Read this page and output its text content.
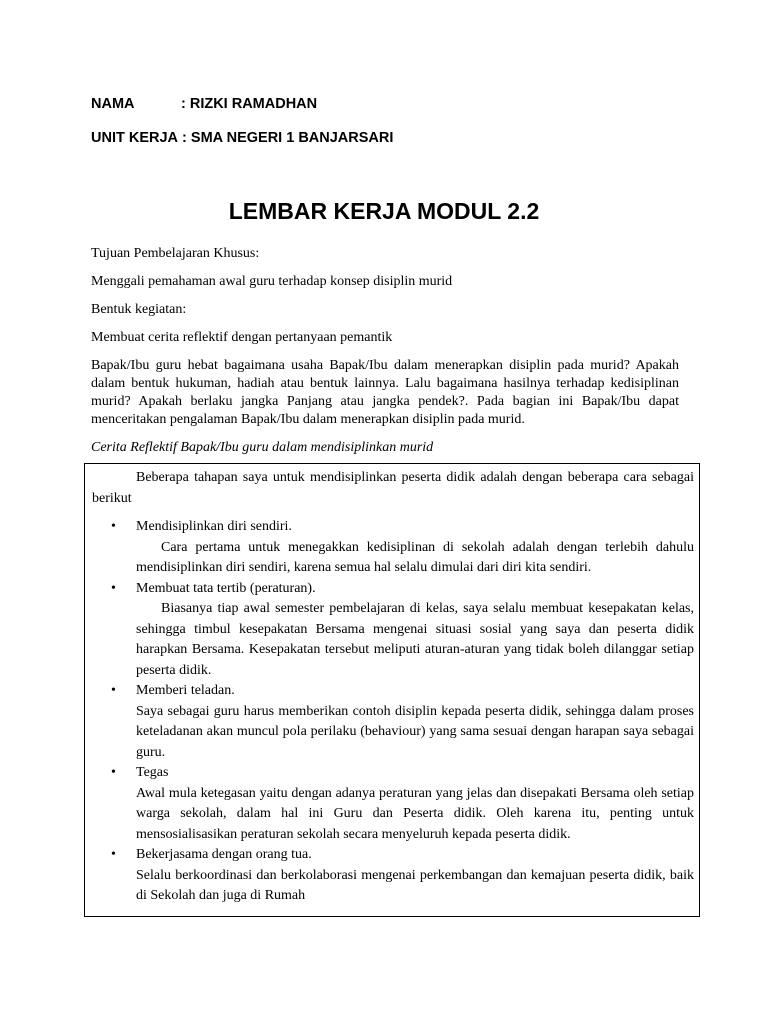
NAMA	: RIZKI RAMADHAN
UNIT KERJA : SMA NEGERI 1 BANJARSARI
LEMBAR KERJA MODUL 2.2
Tujuan Pembelajaran Khusus:
Menggali pemahaman awal guru terhadap konsep disiplin murid
Bentuk kegiatan:
Membuat cerita reflektif dengan pertanyaan pemantik
Bapak/Ibu guru hebat bagaimana usaha Bapak/Ibu dalam menerapkan disiplin pada murid? Apakah dalam bentuk hukuman, hadiah atau bentuk lainnya. Lalu bagaimana hasilnya terhadap kedisiplinan murid? Apakah berlaku jangka Panjang atau jangka pendek?. Pada bagian ini Bapak/Ibu dapat menceritakan pengalaman Bapak/Ibu dalam menerapkan disiplin pada murid.
Cerita Reflektif Bapak/Ibu guru dalam mendisiplinkan murid

Beberapa tahapan saya untuk mendisiplinkan peserta didik adalah dengan beberapa cara sebagai berikut

• Mendisiplinkan diri sendiri.
Cara pertama untuk menegakkan kedisiplinan di sekolah adalah dengan terlebih dahulu mendisiplinkan diri sendiri, karena semua hal selalu dimulai dari diri kita sendiri.
• Membuat tata tertib (peraturan).
Biasanya tiap awal semester pembelajaran di kelas, saya selalu membuat kesepakatan kelas, sehingga timbul kesepakatan Bersama mengenai situasi sosial yang saya dan peserta didik harapkan Bersama. Kesepakatan tersebut meliputi aturan-aturan yang tidak boleh dilanggar setiap peserta didik.
• Memberi teladan.
Saya sebagai guru harus memberikan contoh disiplin kepada peserta didik, sehingga dalam proses keteladanan akan muncul pola perilaku (behaviour) yang sama sesuai dengan harapan saya sebagai guru.
• Tegas
Awal mula ketegasan yaitu dengan adanya peraturan yang jelas dan disepakati Bersama oleh setiap warga sekolah, dalam hal ini Guru dan Peserta didik. Oleh karena itu, penting untuk mensosialisasikan peraturan sekolah secara menyeluruh kepada peserta didik.
• Bekerjasama dengan orang tua.
Selalu berkoordinasi dan berkolaborasi mengenai perkembangan dan kemajuan peserta didik, baik di Sekolah dan juga di Rumah
